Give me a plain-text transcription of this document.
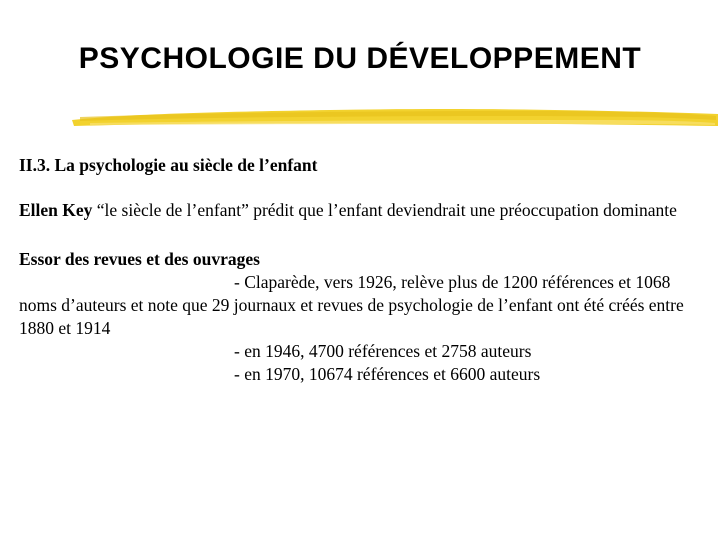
PSYCHOLOGIE DU DÉVELOPPEMENT

II.3. La psychologie au siècle de l’enfant

Ellen Key “le siècle de l’enfant” prédit que l’enfant deviendrait une préoccupation dominante

Essor des revues et des ouvrages

- Claparède, vers 1926, relève plus de 1200 références et 1068 noms d’auteurs et note que 29 journaux et revues de psychologie de l’enfant ont été créés entre 1880 et 1914

- en 1946, 4700 références et 2758 auteurs

- en 1970, 10674 références et 6600 auteurs
